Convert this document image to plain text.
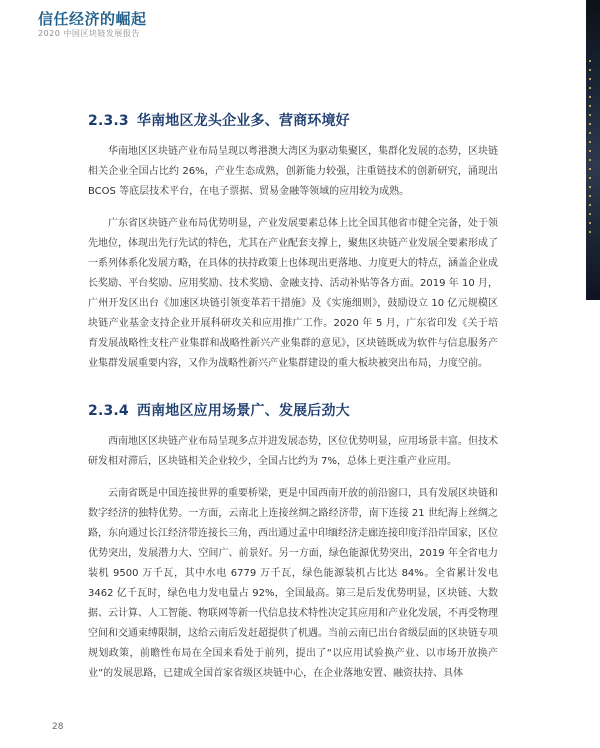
信任经济的崛起
2020 中国区块链发展报告
2.3.3 华南地区龙头企业多、营商环境好

华南地区区块链产业布局呈现以粤港澳大湾区为驱动集聚区，集群化发展的态势，区块链相关企业全国占比约 26%，产业生态成熟，创新能力较强，注重链技术的创新研究，涌现出 BCOS 等底层技术平台，在电子票据、贸易金融等领域的应用较为成熟。

广东省区块链产业布局优势明显，产业发展要素总体上比全国其他省市健全完备，处于领先地位，体现出先行先试的特色，尤其在产业配套支撑上，聚焦区块链产业发展全要素形成了一系列体系化发展方略，在具体的扶持政策上也体现出更落地、力度更大的特点，涵盖企业成长奖励、平台奖励、应用奖励、技术奖励、金融支持、活动补贴等各方面。2019 年 10 月，广州开发区出台《加速区块链引领变革若干措施》及《实施细则》，鼓励设立 10 亿元规模区块链产业基金支持企业开展科研攻关和应用推广工作。2020 年 5 月，广东省印发《关于培育发展战略性支柱产业集群和战略性新兴产业集群的意见》，区块链既成为软件与信息服务产业集群发展重要内容，又作为战略性新兴产业集群建设的重大板块被突出布局，力度空前。

2.3.4 西南地区应用场景广、发展后劲大

西南地区区块链产业布局呈现多点并进发展态势，区位优势明显，应用场景丰富。但技术研发相对滞后，区块链相关企业较少，全国占比约为 7%，总体上更注重产业应用。

云南省既是中国连接世界的重要桥梁，更是中国西南开放的前沿窗口，具有发展区块链和数字经济的独特优势。一方面，云南北上连接丝绸之路经济带，南下连接 21 世纪海上丝绸之路，东向通过长江经济带连接长三角，西出通过孟中印缅经济走廊连接印度洋沿岸国家，区位优势突出，发展潜力大、空间广、前景好。另一方面，绿色能源优势突出，2019 年全省电力装机 9500 万千瓦，其中水电 6779 万千瓦，绿色能源装机占比达 84%。全省累计发电 3462 亿千瓦时，绿色电力发电量占 92%，全国最高。第三是后发优势明显，区块链、大数据、云计算、人工智能、物联网等新一代信息技术特性决定其应用和产业化发展，不再受物理空间和交通束缚限制，这给云南后发赶超提供了机遇。当前云南已出台省级层面的区块链专项规划政策，前瞻性布局在全国来看处于前列，提出了“以应用试验换产业、以市场开放换产业”的发展思路，已建成全国首家省级区块链中心，在企业落地安置、融资扶持、具体

28
